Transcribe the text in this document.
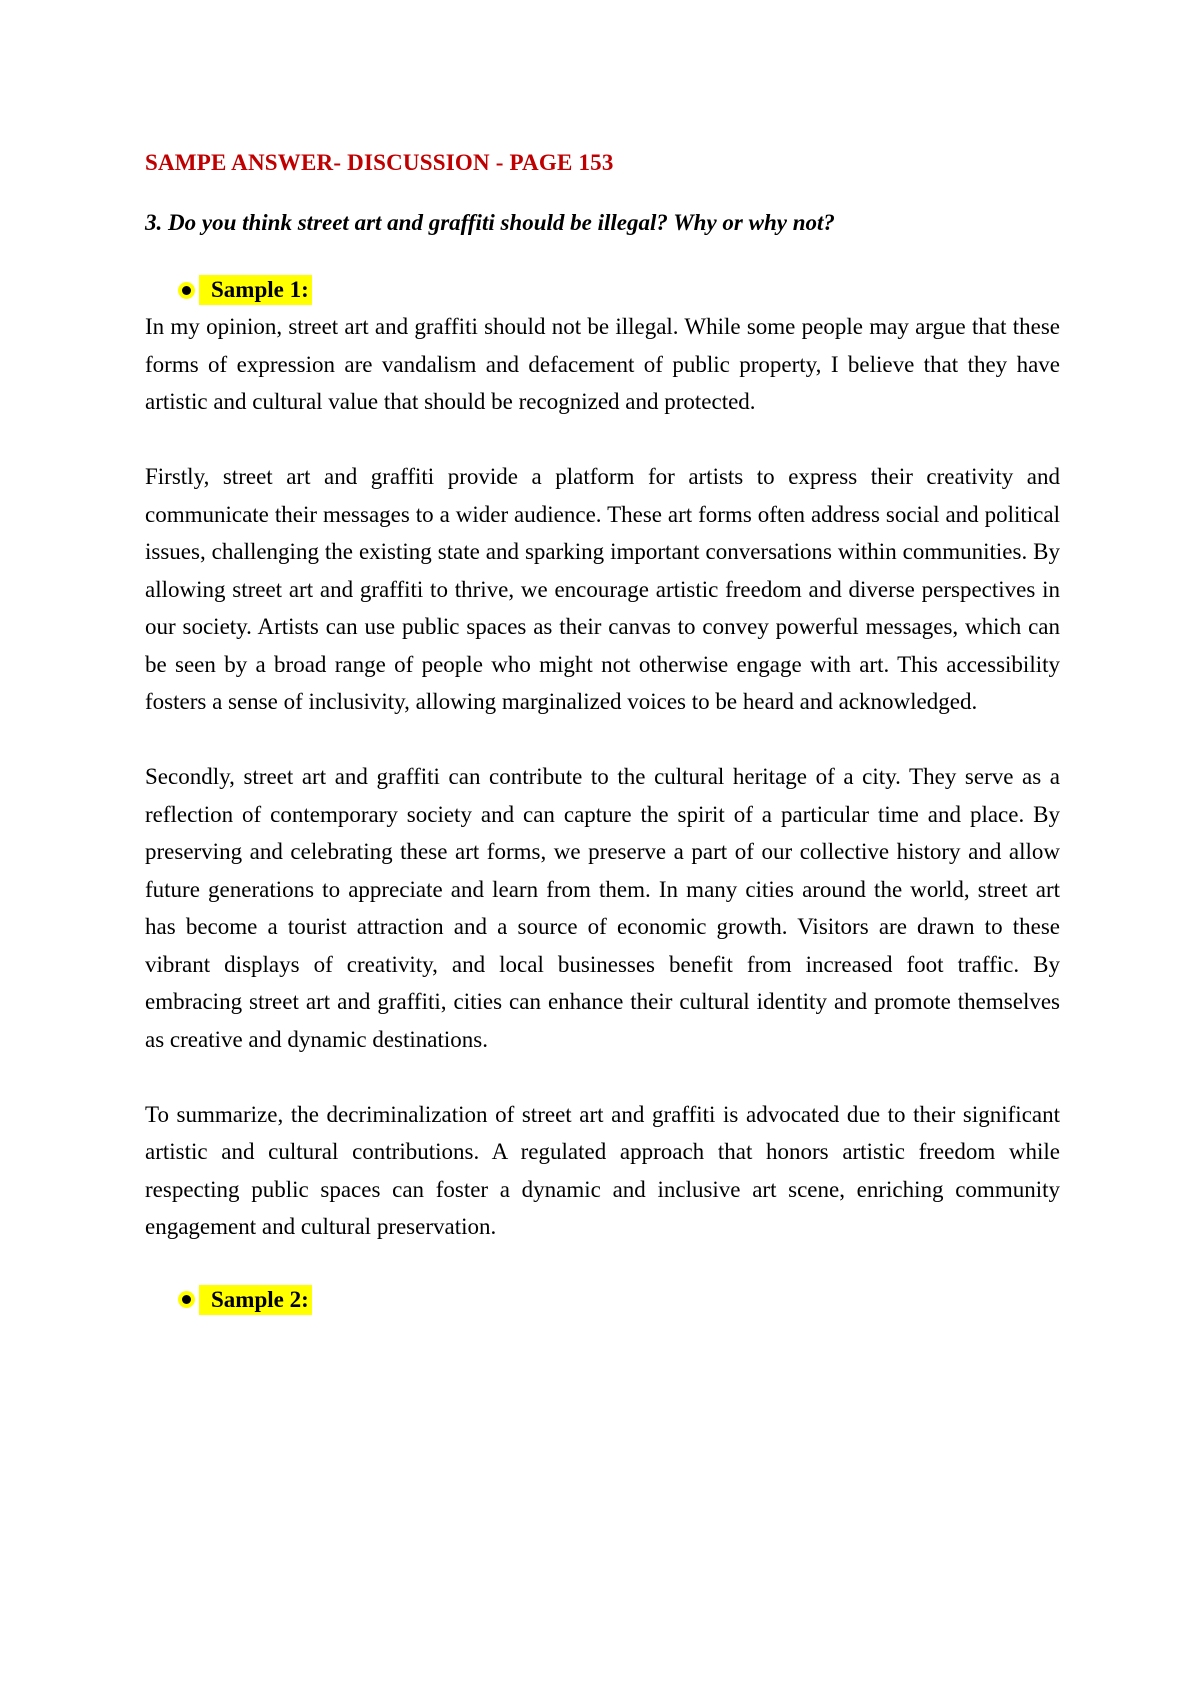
SAMPE ANSWER- DISCUSSION - PAGE 153

3. Do you think street art and graffiti should be illegal? Why or why not?

Sample 1:

In my opinion, street art and graffiti should not be illegal. While some people may argue that these forms of expression are vandalism and defacement of public property, I believe that they have artistic and cultural value that should be recognized and protected.

Firstly, street art and graffiti provide a platform for artists to express their creativity and communicate their messages to a wider audience. These art forms often address social and political issues, challenging the existing state and sparking important conversations within communities. By allowing street art and graffiti to thrive, we encourage artistic freedom and diverse perspectives in our society. Artists can use public spaces as their canvas to convey powerful messages, which can be seen by a broad range of people who might not otherwise engage with art. This accessibility fosters a sense of inclusivity, allowing marginalized voices to be heard and acknowledged.

Secondly, street art and graffiti can contribute to the cultural heritage of a city. They serve as a reflection of contemporary society and can capture the spirit of a particular time and place. By preserving and celebrating these art forms, we preserve a part of our collective history and allow future generations to appreciate and learn from them. In many cities around the world, street art has become a tourist attraction and a source of economic growth. Visitors are drawn to these vibrant displays of creativity, and local businesses benefit from increased foot traffic. By embracing street art and graffiti, cities can enhance their cultural identity and promote themselves as creative and dynamic destinations.

To summarize, the decriminalization of street art and graffiti is advocated due to their significant artistic and cultural contributions. A regulated approach that honors artistic freedom while respecting public spaces can foster a dynamic and inclusive art scene, enriching community engagement and cultural preservation.

Sample 2:
